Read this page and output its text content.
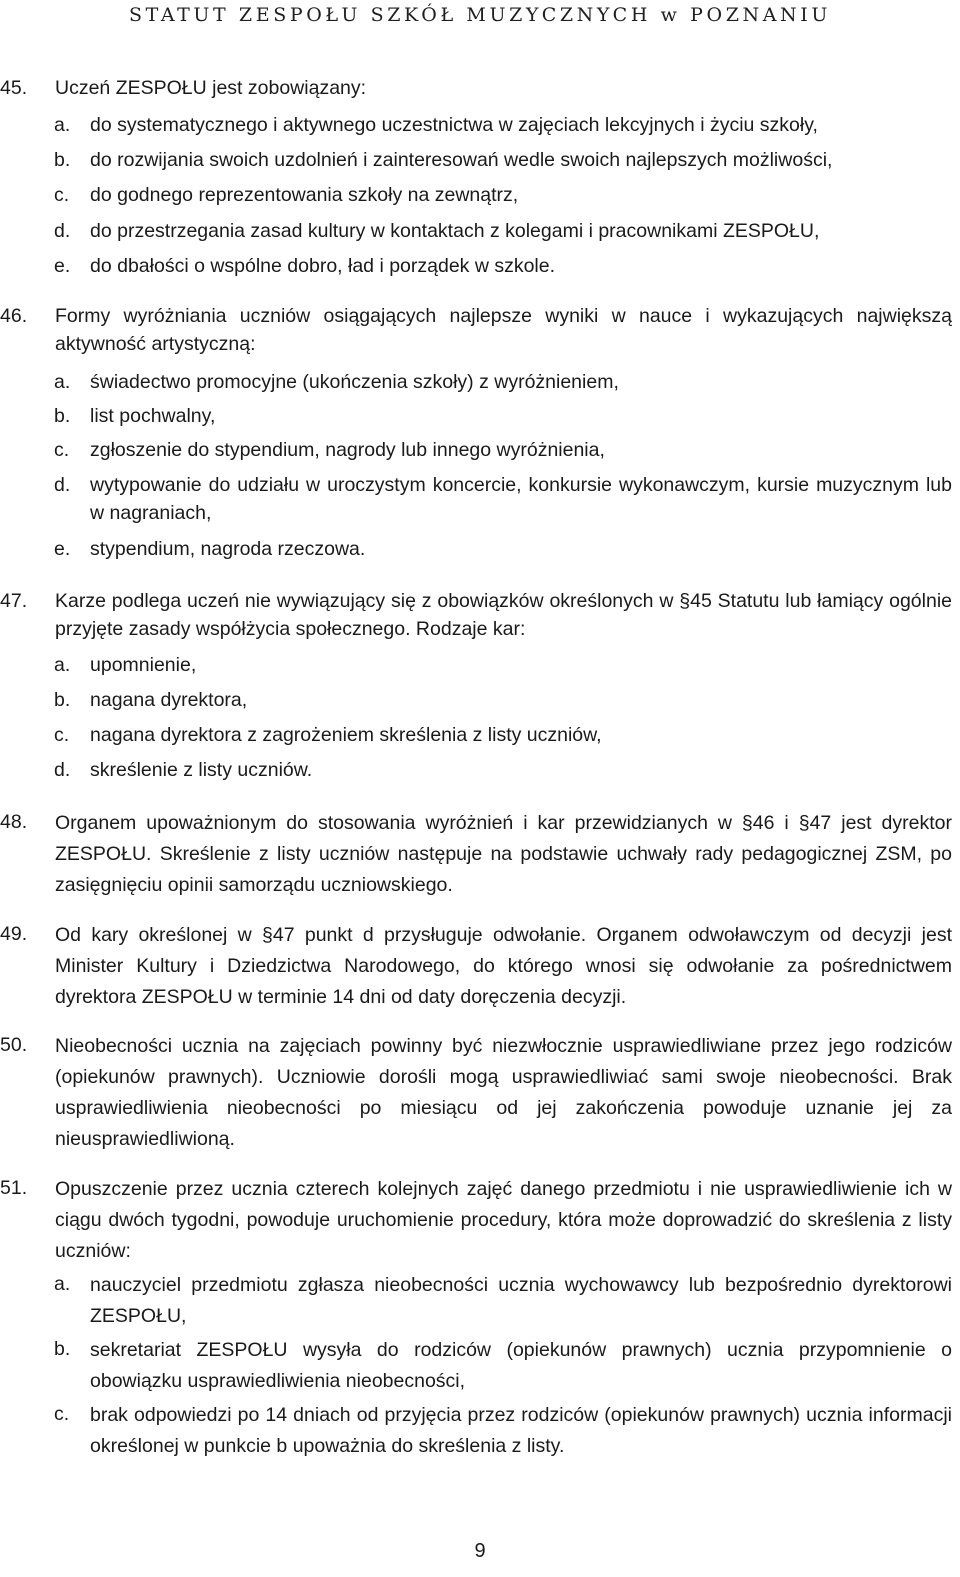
STATUT ZESPOŁU SZKÓŁ MUZYCZNYCH w POZNANIU
45. Uczeń ZESPOŁU jest zobowiązany:
a. do systematycznego i aktywnego uczestnictwa w zajęciach lekcyjnych i życiu szkoły,
b. do rozwijania swoich uzdolnień i zainteresowań wedle swoich najlepszych możliwości,
c. do godnego reprezentowania szkoły na zewnątrz,
d. do przestrzegania zasad kultury w kontaktach z kolegami i pracownikami ZESPOŁU,
e. do dbałości o wspólne dobro, ład i porządek w szkole.
46. Formy wyróżniania uczniów osiągających najlepsze wyniki w nauce i wykazujących największą aktywność artystyczną:
a. świadectwo promocyjne (ukończenia szkoły) z wyróżnieniem,
b. list pochwalny,
c. zgłoszenie do stypendium, nagrody lub innego wyróżnienia,
d. wytypowanie do udziału w uroczystym koncercie, konkursie wykonawczym, kursie muzycznym lub w nagraniach,
e. stypendium, nagroda rzeczowa.
47. Karze podlega uczeń nie wywiązujący się z obowiązków określonych w §45 Statutu lub łamiący ogólnie przyjęte zasady współżycia społecznego. Rodzaje kar:
a. upomnienie,
b. nagana dyrektora,
c. nagana dyrektora z zagrożeniem skreślenia z listy uczniów,
d. skreślenie z listy uczniów.
48. Organem upoważnionym do stosowania wyróżnień i kar przewidzianych w §46 i §47 jest dyrektor ZESPOŁU. Skreślenie z listy uczniów następuje na podstawie uchwały rady pedagogicznej ZSM, po zasięgnięciu opinii samorządu uczniowskiego.
49. Od kary określonej w §47 punkt d przysługuje odwołanie. Organem odwoławczym od decyzji jest Minister Kultury i Dziedzictwa Narodowego, do którego wnosi się odwołanie za pośrednictwem dyrektora ZESPOŁU w terminie 14 dni od daty doręczenia decyzji.
50. Nieobecności ucznia na zajęciach powinny być niezwłocznie usprawiedliwiane przez jego rodziców (opiekunów prawnych). Uczniowie dorośli mogą usprawiedliwiać sami swoje nieobecności. Brak usprawiedliwienia nieobecności po miesiącu od jej zakończenia powoduje uznanie jej za nieusprawiedliwioną.
51. Opuszczenie przez ucznia czterech kolejnych zajęć danego przedmiotu i nie usprawiedliwienie ich w ciągu dwóch tygodni, powoduje uruchomienie procedury, która może doprowadzić do skreślenia z listy uczniów:
a. nauczyciel przedmiotu zgłasza nieobecności ucznia wychowawcy lub bezpośrednio dyrektorowi ZESPOŁU,
b. sekretariat ZESPOŁU wysyła do rodziców (opiekunów prawnych) ucznia przypomnienie o obowiązku usprawiedliwienia nieobecności,
c. brak odpowiedzi po 14 dniach od przyjęcia przez rodziców (opiekunów prawnych) ucznia informacji określonej w punkcie b upoważnia do skreślenia z listy.
9
